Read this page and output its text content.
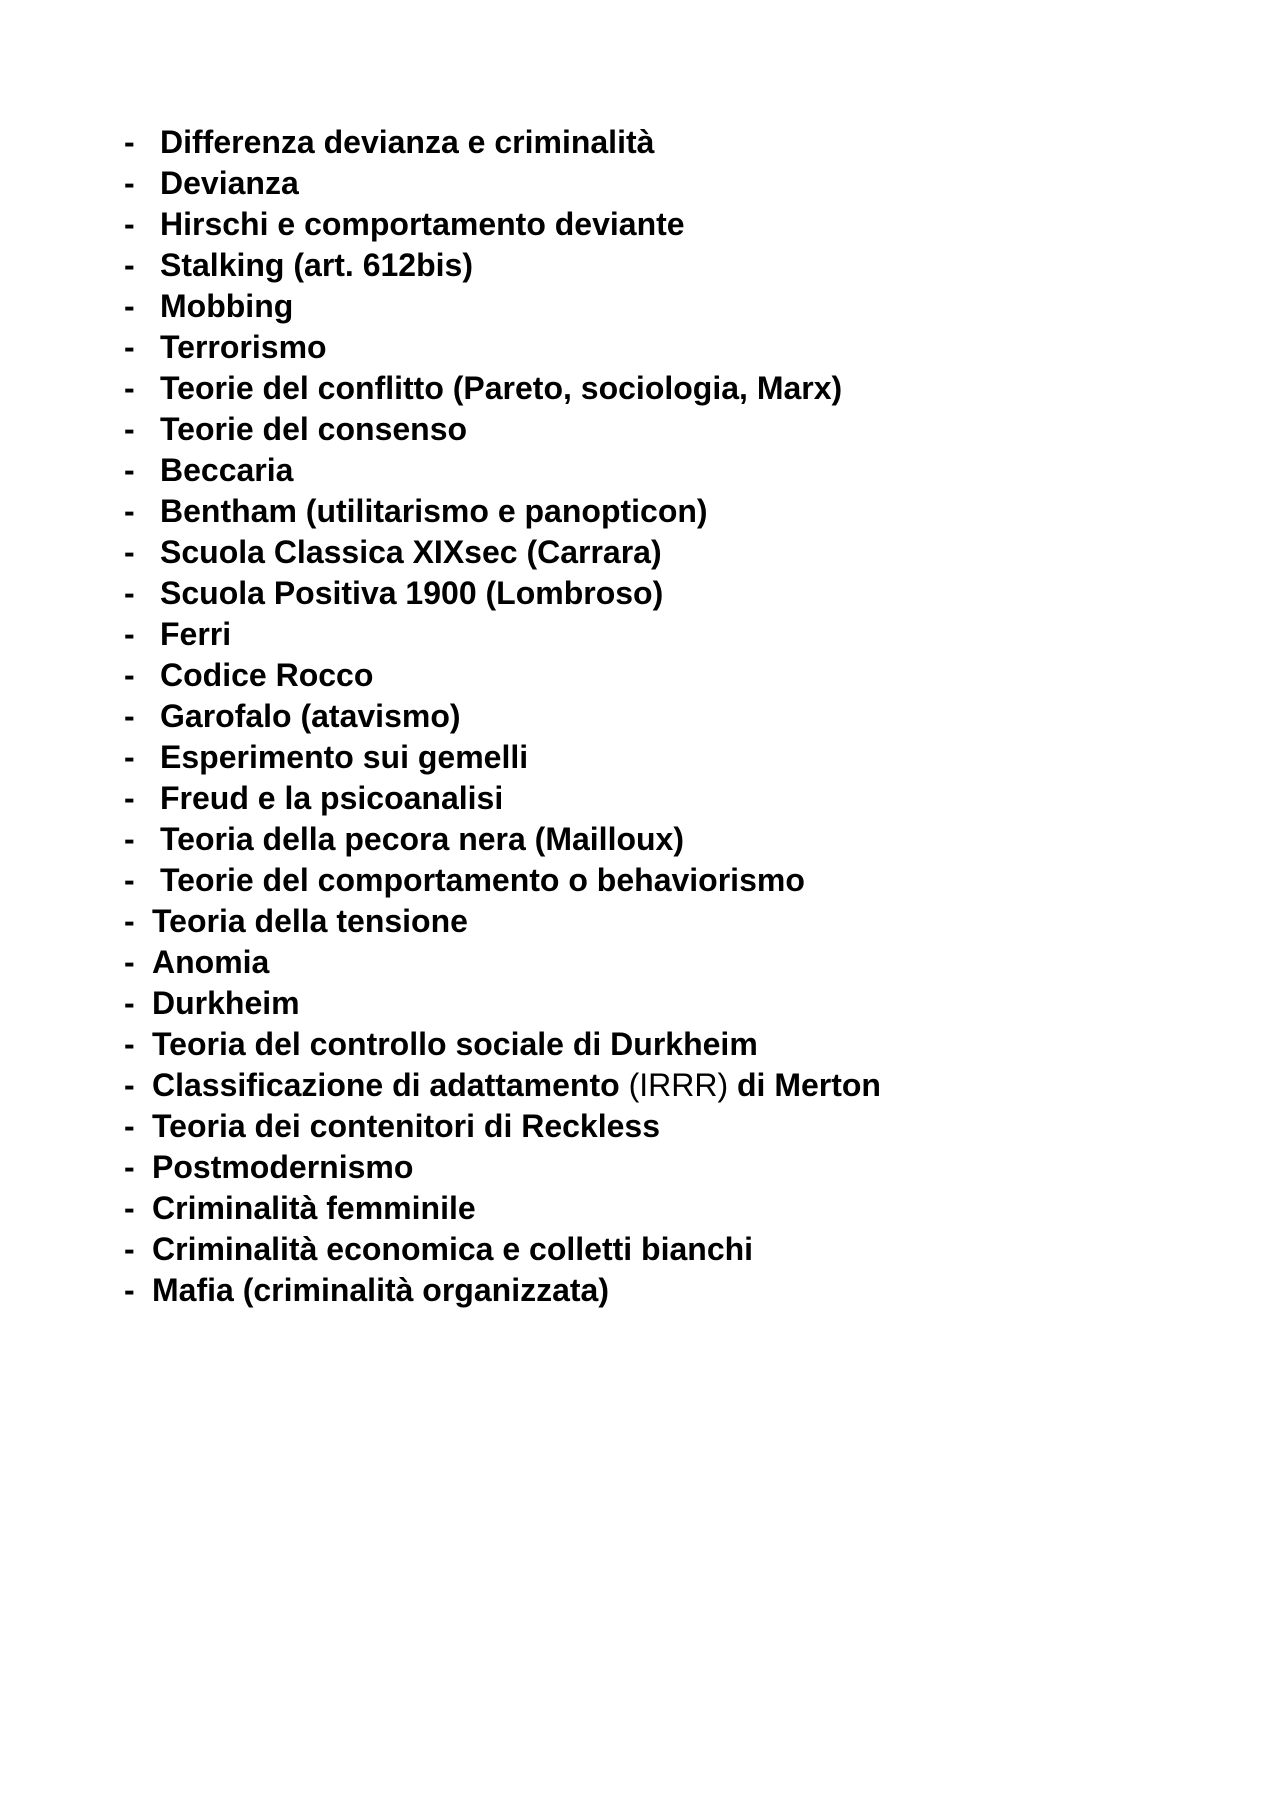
- Differenza devianza e criminalità
- Devianza
- Hirschi e comportamento deviante
- Stalking (art. 612bis)
- Mobbing
- Terrorismo
- Teorie del conflitto (Pareto, sociologia, Marx)
- Teorie del consenso
- Beccaria
- Bentham (utilitarismo e panopticon)
- Scuola Classica XIXsec (Carrara)
- Scuola Positiva 1900 (Lombroso)
- Ferri
- Codice Rocco
- Garofalo (atavismo)
- Esperimento sui gemelli
- Freud e la psicoanalisi
- Teoria della pecora nera (Mailloux)
- Teorie del comportamento o behaviorismo
- Teoria della tensione
- Anomia
- Durkheim
- Teoria del controllo sociale di Durkheim
- Classificazione di adattamento (IRRR) di Merton
- Teoria dei contenitori di Reckless
- Postmodernismo
- Criminalità femminile
- Criminalità economica e colletti bianchi
- Mafia (criminalità organizzata)
